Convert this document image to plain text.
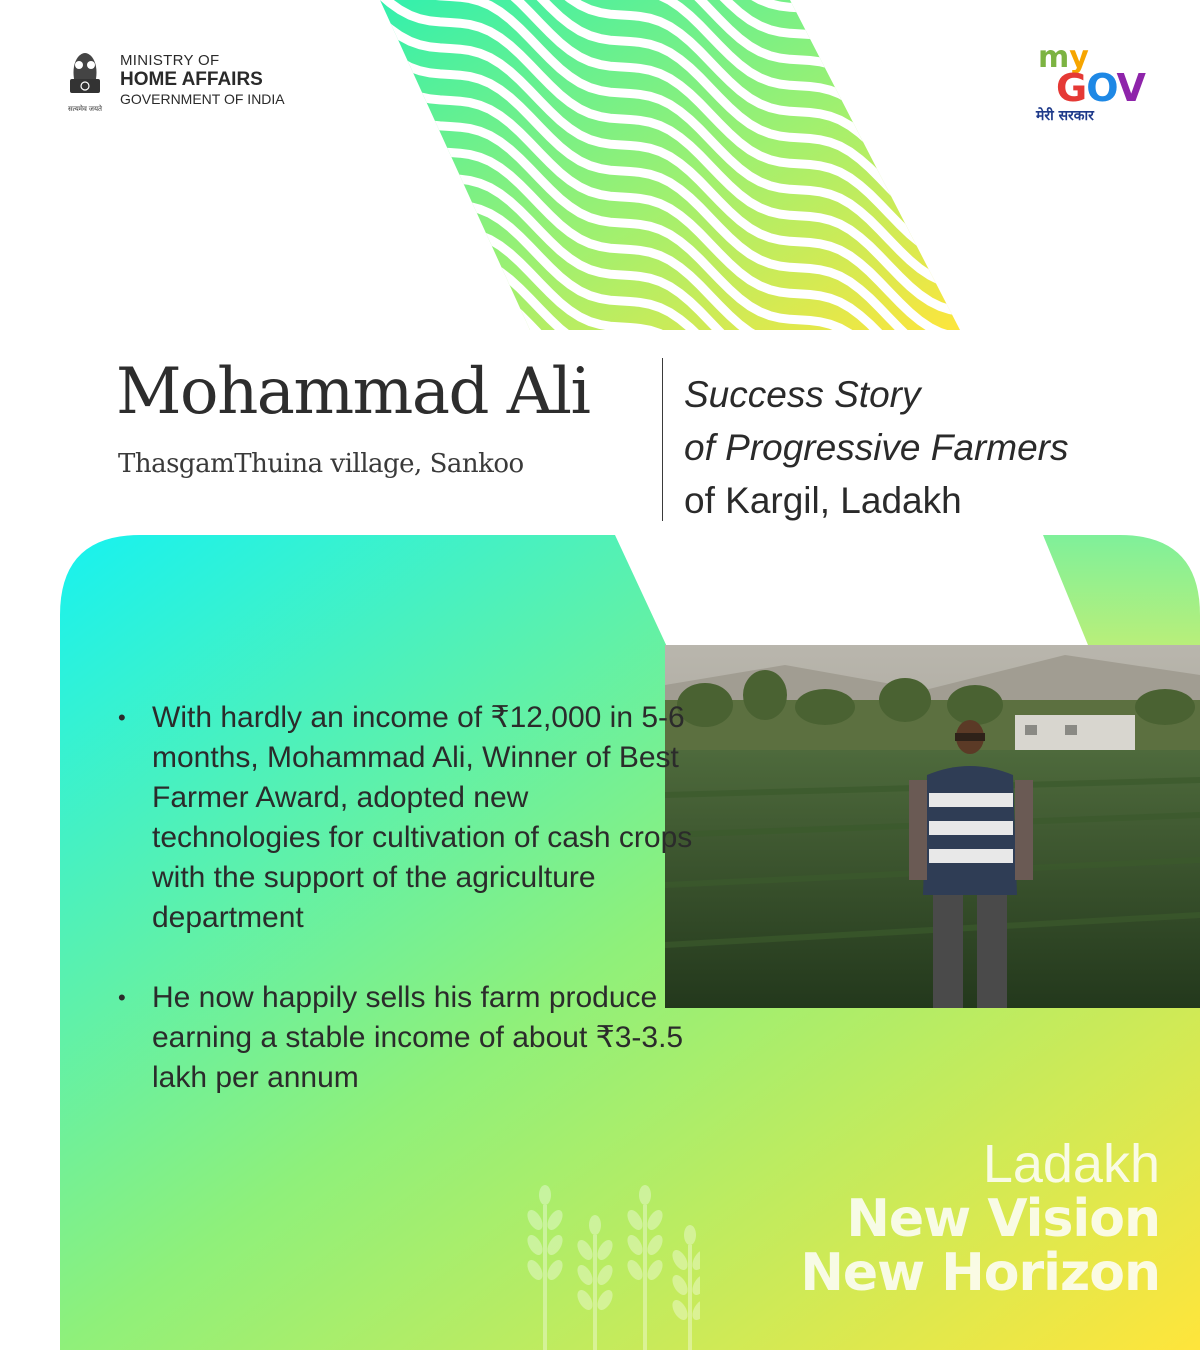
सत्यमेव जयते
MINISTRY OF
HOME AFFAIRS
GOVERNMENT OF INDIA
my
GOV
मेरी सरकार
Mohammad Ali
ThasgamThuina village, Sankoo
Success Story
of Progressive Farmers
of Kargil, Ladakh
• With hardly an income of ₹12,000 in 5-6 months, Mohammad Ali, Winner of Best Farmer Award, adopted new technologies for cultivation of cash crops with the support of the agriculture department
• He now happily sells his farm produce earning a stable income of about ₹3-3.5 lakh per annum
Ladakh
New Vision
New Horizon
